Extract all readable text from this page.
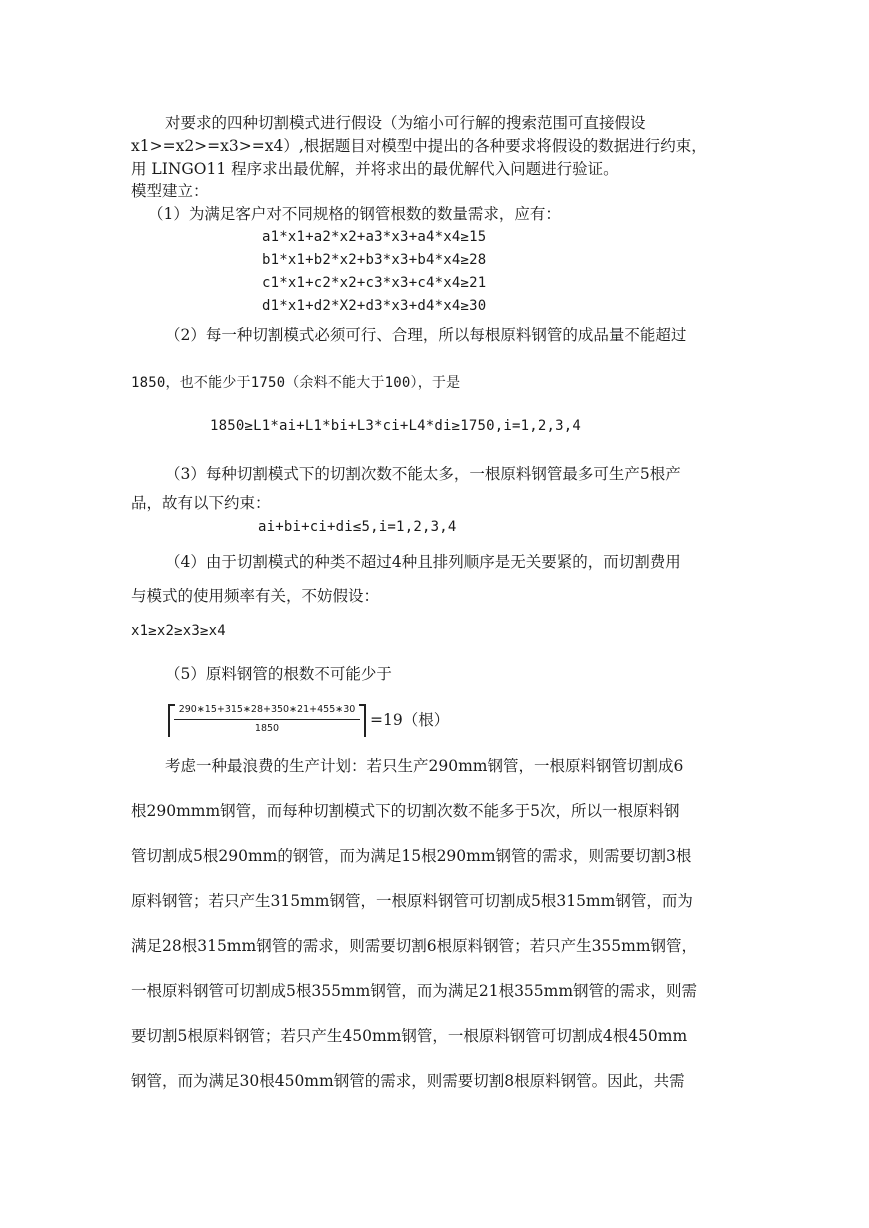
对要求的四种切割模式进行假设（为缩小可行解的搜索范围可直接假设
x1>=x2>=x3>=x4）,根据题目对模型中提出的各种要求将假设的数据进行约束，
用 LINGO11 程序求出最优解，并将求出的最优解代入问题进行验证。
模型建立：
（1）为满足客户对不同规格的钢管根数的数量需求，应有：
a1*x1+a2*x2+a3*x3+a4*x4≥15
b1*x1+b2*x2+b3*x3+b4*x4≥28
c1*x1+c2*x2+c3*x3+c4*x4≥21
d1*x1+d2*X2+d3*x3+d4*x4≥30
（2）每一种切割模式必须可行、合理，所以每根原料钢管的成品量不能超过
1850，也不能少于1750（余料不能大于100），于是
1850≥L1*ai+L1*bi+L3*ci+L4*di≥1750,i=1,2,3,4
（3）每种切割模式下的切割次数不能太多，一根原料钢管最多可生产5根产
品，故有以下约束：
ai+bi+ci+di≤5,i=1,2,3,4
（4）由于切割模式的种类不超过4种且排列顺序是无关要紧的，而切割费用
与模式的使用频率有关，不妨假设：
x1≥x2≥x3≥x4
（5）原料钢管的根数不可能少于
290∗15+315∗28+350∗21+455∗30
1850	=19（根）
考虑一种最浪费的生产计划：若只生产290mm钢管，一根原料钢管切割成6
根290mmm钢管，而每种切割模式下的切割次数不能多于5次，所以一根原料钢
管切割成5根290mm的钢管，而为满足15根290mm钢管的需求，则需要切割3根
原料钢管；若只产生315mm钢管，一根原料钢管可切割成5根315mm钢管，而为
满足28根315mm钢管的需求，则需要切割6根原料钢管；若只产生355mm钢管，
一根原料钢管可切割成5根355mm钢管，而为满足21根355mm钢管的需求，则需
要切割5根原料钢管；若只产生450mm钢管，一根原料钢管可切割成4根450mm
钢管，而为满足30根450mm钢管的需求，则需要切割8根原料钢管。因此，共需
